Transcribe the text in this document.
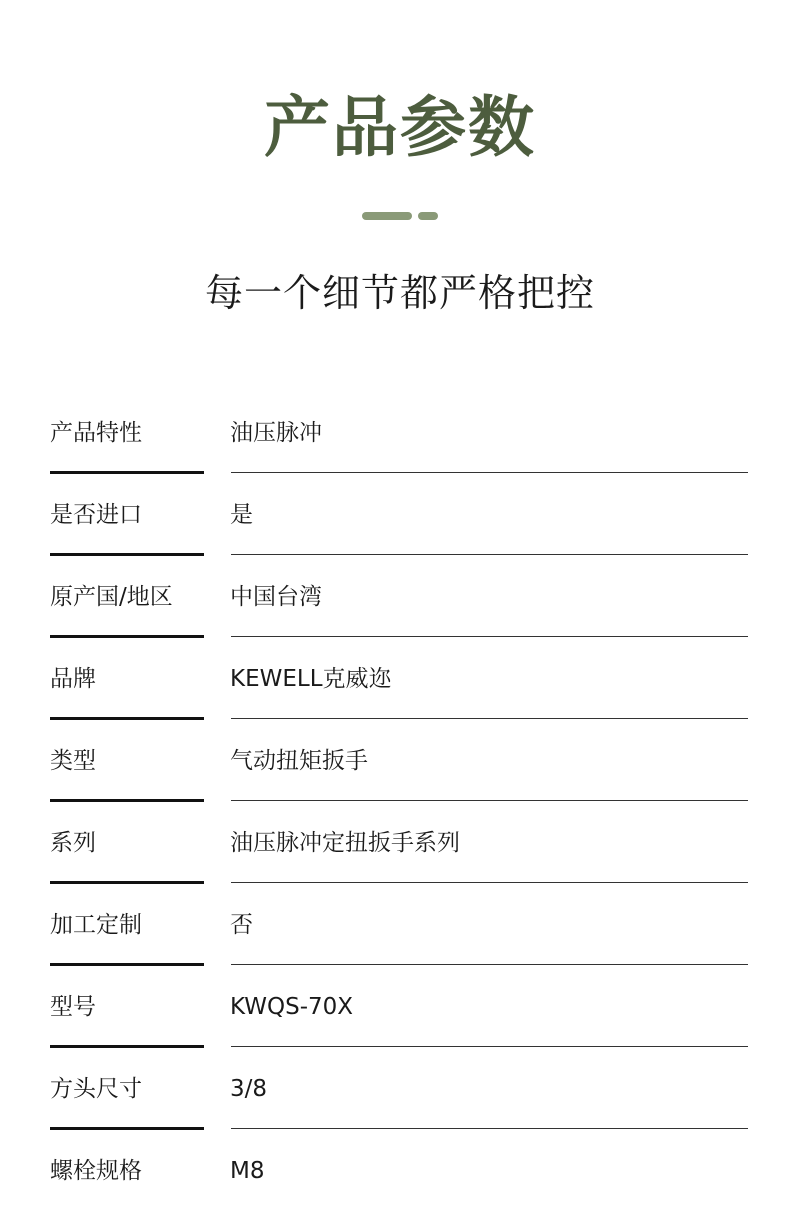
产品参数
每一个细节都严格把控
产品特性	油压脉冲
是否进口	是
原产国/地区 中国台湾
品牌	KEWELL克威迩
类型	气动扭矩扳手
系列	油压脉冲定扭扳手系列
加工定制	否
型号	KWQS-70X
方头尺寸	3/8
螺栓规格	M8
